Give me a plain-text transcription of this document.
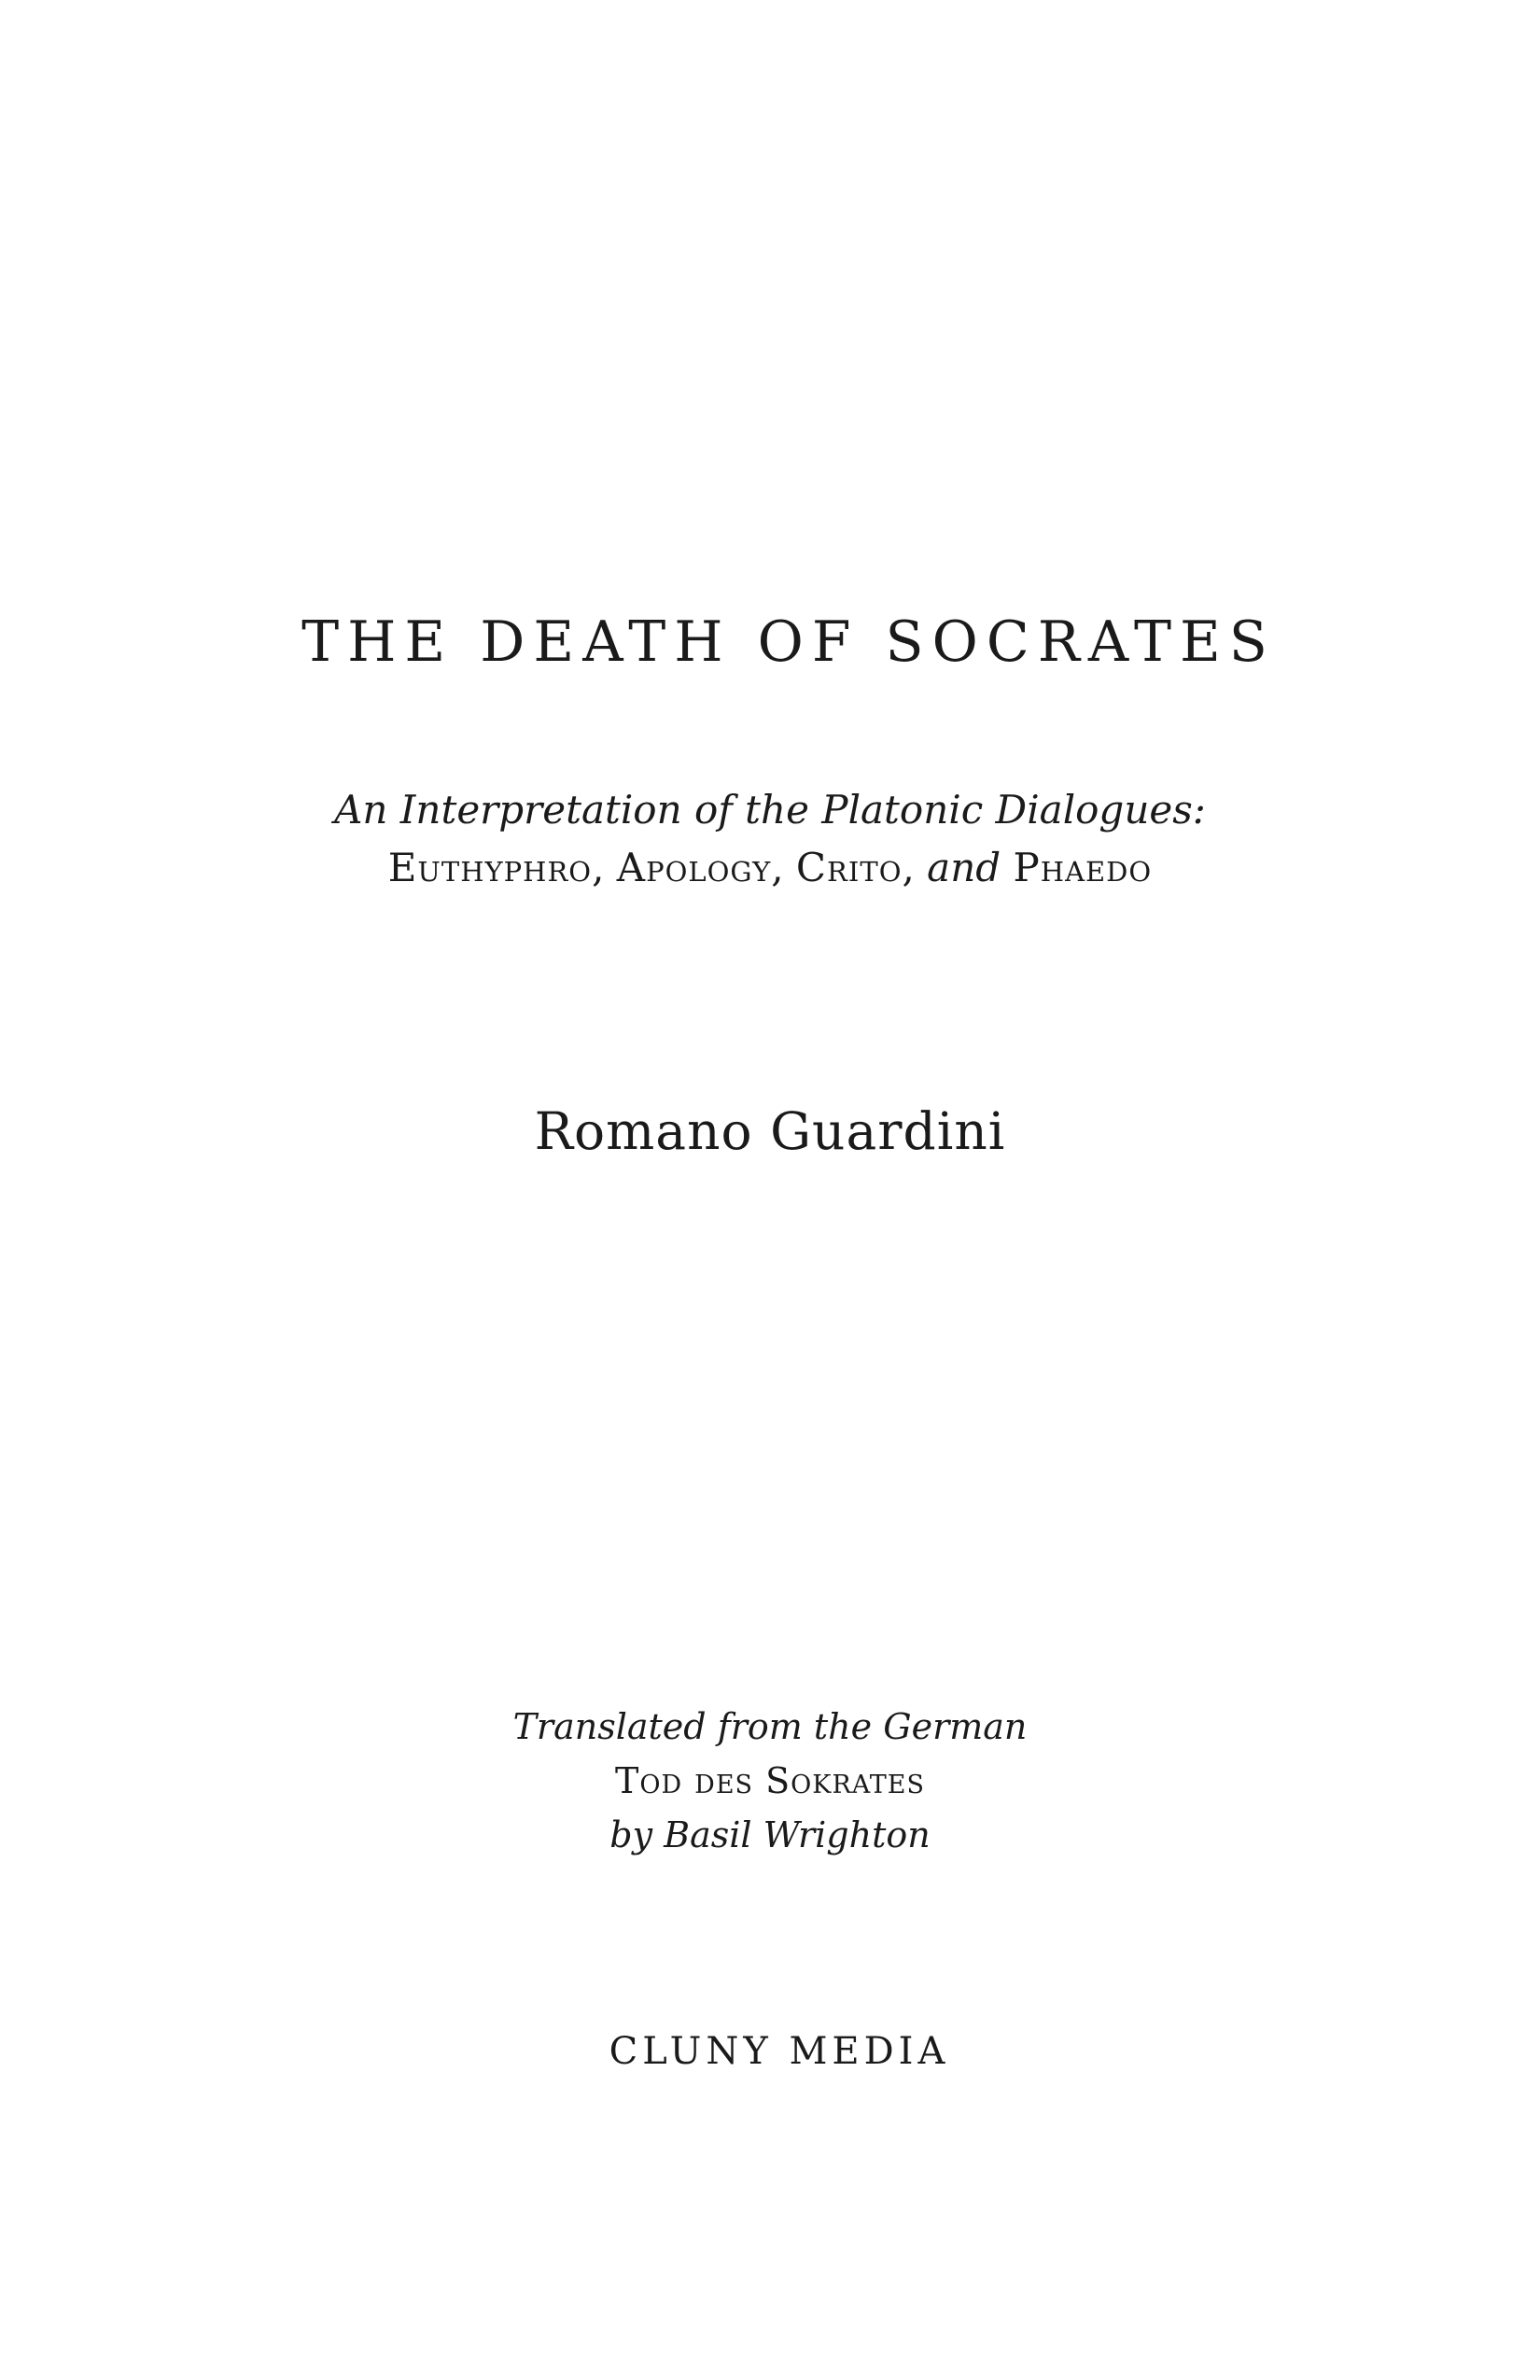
THE DEATH OF SOCRATES
An Interpretation of the Platonic Dialogues:
Euthyphro, Apology, Crito, and Phaedo
Romano Guardini
Translated from the German
Tod des Sokrates
by Basil Wrighton
CLUNY MEDIA
